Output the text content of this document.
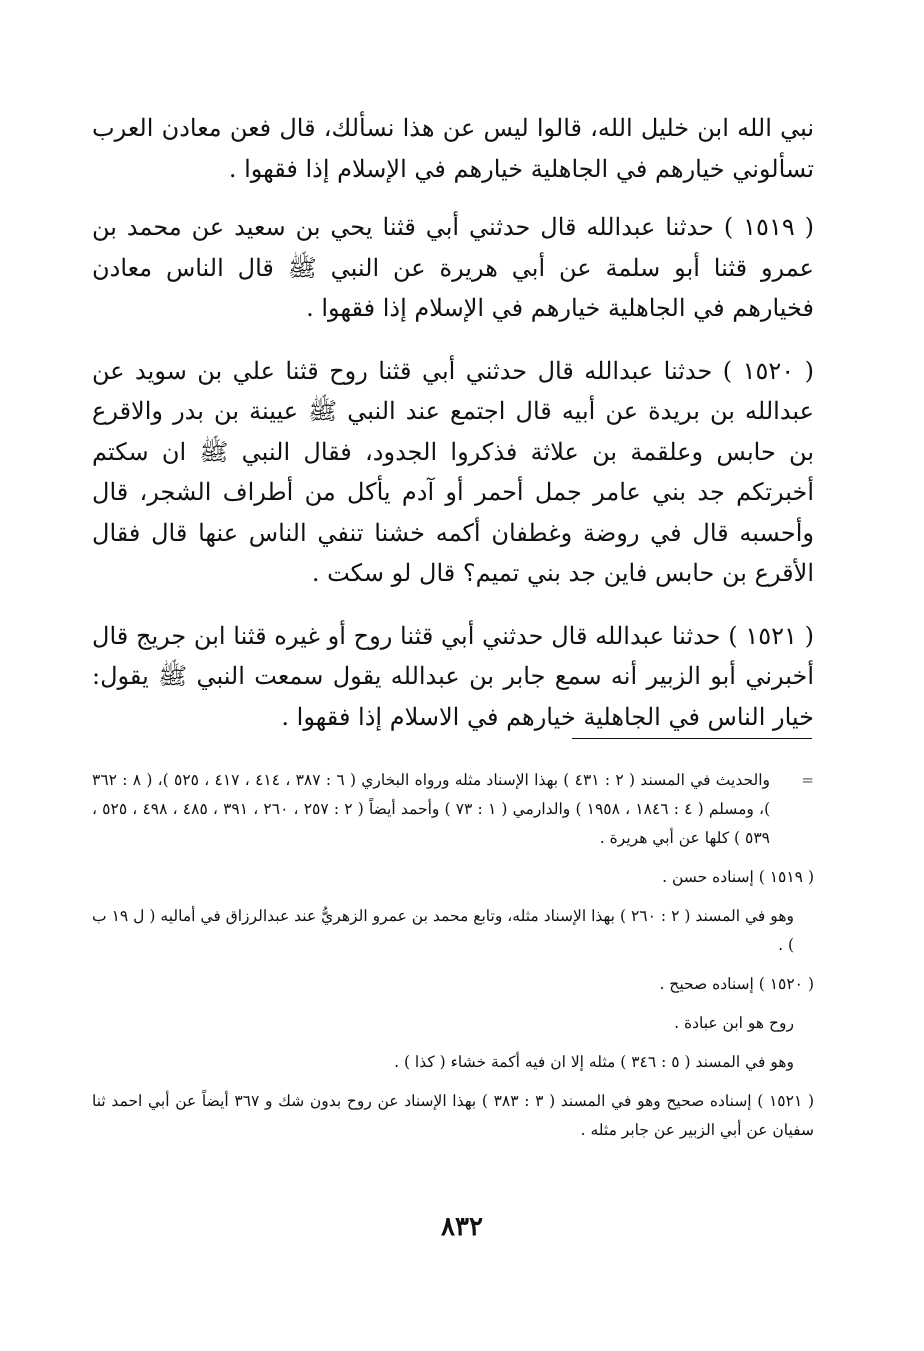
نبي الله ابن خليل الله، قالوا ليس عن هذا نسألك، قال فعن معادن العرب تسألوني خيارهم في الجاهلية خيارهم في الإسلام إذا فقهوا .

( ١٥١٩ ) حدثنا عبدالله قال حدثني أبي قثنا يحي بن سعيد عن محمد بن عمرو قثنا أبو سلمة عن أبي هريرة عن النبي ﷺ قال الناس معادن فخيارهم في الجاهلية خيارهم في الإسلام إذا فقهوا .

( ١٥٢٠ ) حدثنا عبدالله قال حدثني أبي قثنا روح قثنا علي بن سويد عن عبدالله بن بريدة عن أبيه قال اجتمع عند النبي ﷺ عيينة بن بدر والاقرع بن حابس وعلقمة بن علاثة فذكروا الجدود، فقال النبي ﷺ ان سكتم أخبرتكم جد بني عامر جمل أحمر أو آدم يأكل من أطراف الشجر، قال وأحسبه قال في روضة وغطفان أكمه خشنا تنفي الناس عنها قال فقال الأقرع بن حابس فاين جد بني تميم؟ قال لو سكت .

( ١٥٢١ ) حدثنا عبدالله قال حدثني أبي قثنا روح أو غيره قثنا ابن جريج قال أخبرني أبو الزبير أنه سمع جابر بن عبدالله يقول سمعت النبي ﷺ يقول: خيار الناس في الجاهلية خيارهم في الاسلام إذا فقهوا .

=
والحديث في المسند ( ٢ : ٤٣١ ) بهذا الإسناد مثله ورواه البخاري ( ٦ : ٣٨٧ ، ٤١٤ ، ٤١٧ ، ٥٢٥ )، ( ٨ : ٣٦٢ )، ومسلم ( ٤ : ١٨٤٦ ، ١٩٥٨ ) والدارمي ( ١ : ٧٣ ) وأحمد أيضاً ( ٢ : ٢٥٧ ، ٢٦٠ ، ٣٩١ ، ٤٨٥ ، ٤٩٨ ، ٥٢٥ ، ٥٣٩ ) كلها عن أبي هريرة .

( ١٥١٩ ) إسناده حسن .

وهو في المسند ( ٢ : ٢٦٠ ) بهذا الإسناد مثله، وتابع محمد بن عمرو الزهريُّ عند عبدالرزاق في أماليه ( ل ١٩ ب ) .

( ١٥٢٠ ) إسناده صحيح .

روح هو ابن عبادة .

وهو في المسند ( ٥ : ٣٤٦ ) مثله إلا ان فيه أكمة خشاء ( كذا ) .

( ١٥٢١ ) إسناده صحيح وهو في المسند ( ٣ : ٣٨٣ ) بهذا الإسناد عن روح بدون شك و ٣٦٧ أيضاً عن أبي احمد ثنا سفيان عن أبي الزبير عن جابر مثله .

٨٣٢
